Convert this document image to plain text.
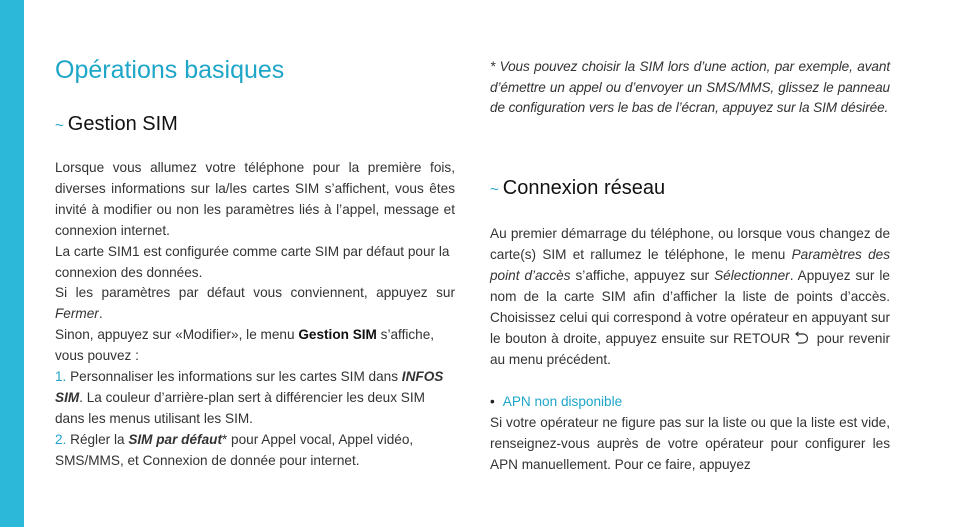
Opérations basiques
~ Gestion SIM

Lorsque vous allumez votre téléphone pour la première fois, diverses informations sur la/les cartes SIM s’affichent, vous êtes invité à modifier ou non les paramètres liés à l’appel, message et connexion internet.

La carte SIM1 est configurée comme carte SIM par défaut pour la connexion des données.

Si les paramètres par défaut vous conviennent, appuyez sur Fermer.

Sinon, appuyez sur «Modifier», le menu Gestion SIM s’affiche, vous pouvez :

1. Personnaliser les informations sur les cartes SIM dans INFOS SIM. La couleur d’arrière-plan sert à différencier les deux SIM dans les menus utilisant les SIM.

2. Régler la SIM par défaut* pour Appel vocal, Appel vidéo, SMS/MMS, et Connexion de donnée pour internet.

* Vous pouvez choisir la SIM lors d’une action, par exemple, avant d’émettre un appel ou d’envoyer un SMS/MMS, glissez le panneau de configuration vers le bas de l’écran, appuyez sur la SIM désirée.
~ Connexion réseau

Au premier démarrage du téléphone, ou lorsque vous changez de carte(s) SIM et rallumez le téléphone, le menu Paramètres des point d’accès s’affiche, appuyez sur Sélectionner. Appuyez sur le nom de la carte SIM afin d’afficher la liste de points d’accès. Choisissez celui qui correspond à votre opérateur en appuyant sur le bouton à droite, appuyez ensuite sur RETOUR pour revenir au menu précédent.

• APN non disponible

Si votre opérateur ne figure pas sur la liste ou que la liste est vide, renseignez-vous auprès de votre opérateur pour configurer les APN manuellement. Pour ce faire, appuyez
